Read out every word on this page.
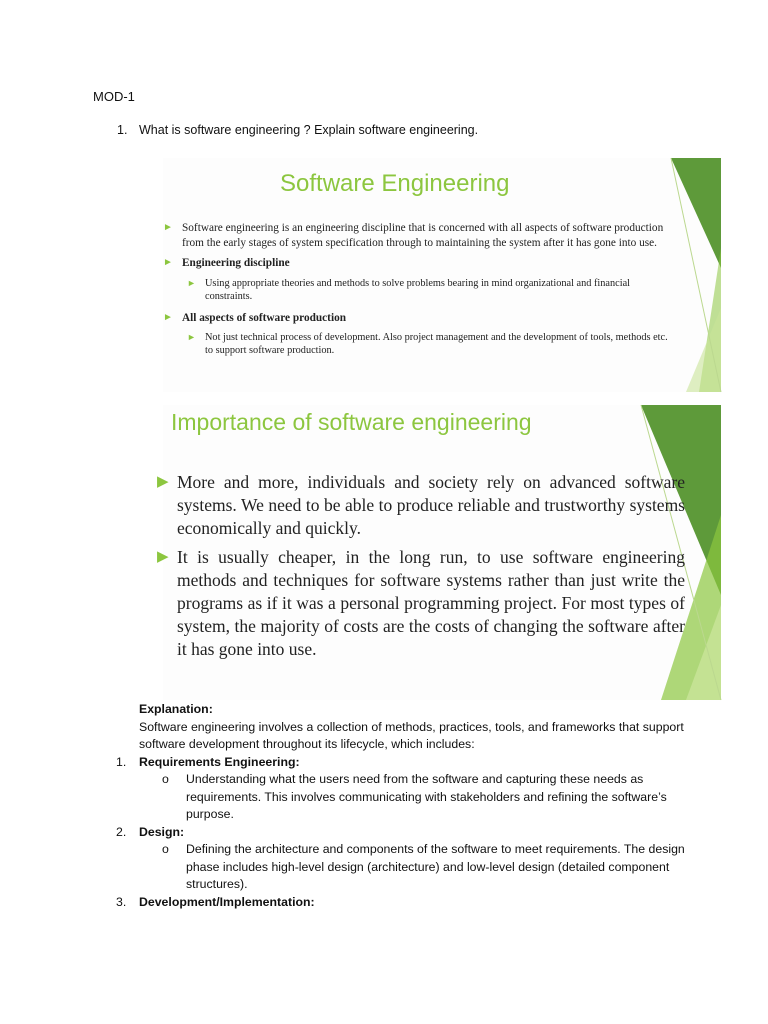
MOD-1
1. What is software engineering ? Explain software engineering.
Software Engineering
► Software engineering is an engineering discipline that is concerned with all aspects of software production from the early stages of system specification through to maintaining the system after it has gone into use.
► Engineering discipline
► Using appropriate theories and methods to solve problems bearing in mind organizational and financial constraints.
► All aspects of software production
► Not just technical process of development. Also project management and the development of tools, methods etc. to support software production.
Importance of software engineering
▶ More and more, individuals and society rely on advanced software systems. We need to be able to produce reliable and trustworthy systems economically and quickly.
▶ It is usually cheaper, in the long run, to use software engineering methods and techniques for software systems rather than just write the programs as if it was a personal programming project. For most types of system, the majority of costs are the costs of changing the software after it has gone into use.
Explanation:
Software engineering involves a collection of methods, practices, tools, and frameworks that support software development throughout its lifecycle, which includes:
1. Requirements Engineering:
o Understanding what the users need from the software and capturing these needs as requirements. This involves communicating with stakeholders and refining the software’s purpose.
2. Design:
o Defining the architecture and components of the software to meet requirements. The design phase includes high-level design (architecture) and low-level design (detailed component structures).
3. Development/Implementation:
